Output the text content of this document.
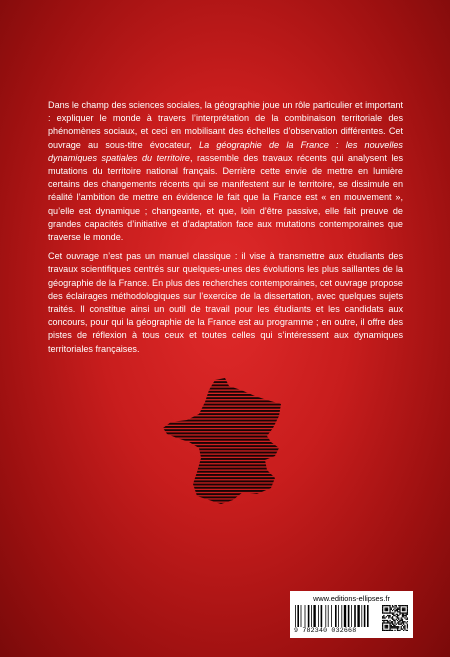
Dans le champ des sciences sociales, la géographie joue un rôle particulier et important : expliquer le monde à travers l’interprétation de la combinaison territoriale des phénomènes sociaux, et ceci en mobilisant des échelles d’observation différentes. Cet ouvrage au sous-titre évocateur, La géographie de la France : les nouvelles dynamiques spatiales du territoire, rassemble des travaux récents qui analysent les mutations du territoire national français. Derrière cette envie de mettre en lumière certains des changements récents qui se manifestent sur le territoire, se dissimule en réalité l’ambition de mettre en évidence le fait que la France est « en mouvement », qu’elle est dynamique ; changeante, et que, loin d’être passive, elle fait preuve de grandes capacités d’initiative et d’adaptation face aux mutations contemporaines que traverse le monde.

Cet ouvrage n’est pas un manuel classique : il vise à transmettre aux étudiants des travaux scientifiques centrés sur quelques-unes des évolutions les plus saillantes de la géographie de la France. En plus des recherches contemporaines, cet ouvrage propose des éclairages méthodologiques sur l’exercice de la dissertation, avec quelques sujets traités. Il constitue ainsi un outil de travail pour les étudiants et les candidats aux concours, pour qui la géographie de la France est au programme ; en outre, il offre des pistes de réflexion à tous ceux et toutes celles qui s’intéressent aux dynamiques territoriales françaises.

www.editions-ellipses.fr
9 782340 032668
